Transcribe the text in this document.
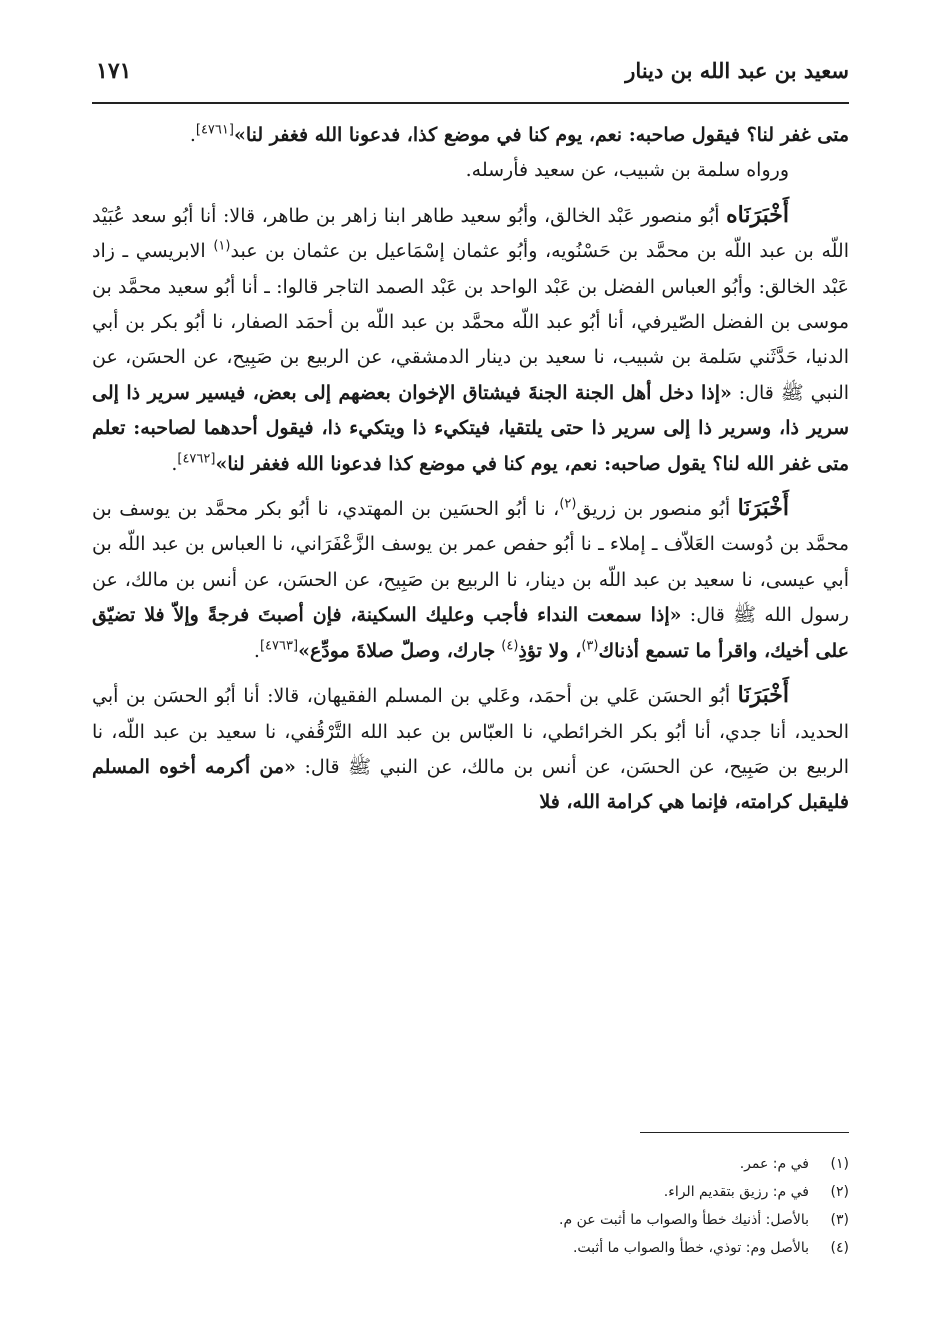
سعيد بن عبد الله بن دينار
١٧١

متى غفر لنا؟ فيقول صاحبه: نعم، يوم كنا في موضع كذا، فدعونا الله فغفر لنا»[٤٧٦١].

ورواه سلمة بن شبيب، عن سعيد فأرسله.

أَخْبَرَنَاه أبُو منصور عَبْد الخالق، وأبُو سعيد طاهر ابنا زاهر بن طاهر، قالا: أنا أبُو سعد عُبَيْد اللّه بن عبد اللّه بن محمَّد بن حَسْنُويه، وأبُو عثمان إسْمَاعيل بن عثمان بن عبد$^{(١)}$ الابريسي ـ زاد عَبْد الخالق: وأبُو العباس الفضل بن عَبْد الواحد بن عَبْد الصمد التاجر قالوا: ـ أنا أبُو سعيد محمَّد بن موسى بن الفضل الصّيرفي، أنا أبُو عبد اللّه محمَّد بن عبد اللّه بن أحمَد الصفار، نا أبُو بكر بن أبي الدنيا، حَدَّثَني سَلمة بن شبيب، نا سعيد بن دينار الدمشقي، عن الربيع بن صَبِيح، عن الحسَن، عن النبي ﷺ قال: «إذا دخل أهل الجنة الجنةَ فيشتاق الإخوان بعضهم إلى بعض، فيسير سرير ذا إلى سرير ذا، وسرير ذا إلى سرير ذا حتى يلتقيا، فيتكيء ذا ويتكيء ذا، فيقول أحدهما لصاحبه: تعلم متى غفر الله لنا؟ يقول صاحبه: نعم، يوم كنا في موضع كذا فدعونا الله فغفر لنا»[٤٧٦٢].

أَخْبَرَنَا أبُو منصور بن زريق$^{(٢)}$، نا أبُو الحسَين بن المهتدي، نا أبُو بكر محمَّد بن يوسف بن محمَّد بن دُوست العَلاّف ـ إملاء ـ نا أبُو حفص عمر بن يوسف الزَّعْفَرَاني، نا العباس بن عبد اللّه بن أبي عيسى، نا سعيد بن عبد اللّه بن دينار، نا الربيع بن صَبِيح، عن الحسَن، عن أنس بن مالك، عن رسول الله ﷺ قال: «إذا سمعت النداء فأجب وعليك السكينة، فإن أصبتَ فرجةً وإلاّ فلا تضيّق على أخيك، واقرأ ما تسمع أذناك$^{(٣)}$، ولا تؤذِ$^{(٤)}$ جارك، وصلّ صلاةَ مودِّع»[٤٧٦٣].

أَخْبَرَنَا أبُو الحسَن عَلي بن أحمَد، وعَلي بن المسلم الفقيهان، قالا: أنا أبُو الحسَن بن أبي الحديد، أنا جدي، أنا أبُو بكر الخرائطي، نا العبّاس بن عبد الله التَّرْقُفي، نا سعيد بن عبد اللّه، نا الربيع بن صَبِيح، عن الحسَن، عن أنس بن مالك، عن النبي ﷺ قال: «من أكرمه أخوه المسلم فليقبل كرامته، فإنما هي كرامة الله، فلا

(١)في م: عمر.
(٢)في م: رزيق بتقديم الراء.
(٣)بالأصل: أذنيك خطأ والصواب ما أثبت عن م.
(٤)بالأصل وم: توذي، خطأ والصواب ما أثبت.
